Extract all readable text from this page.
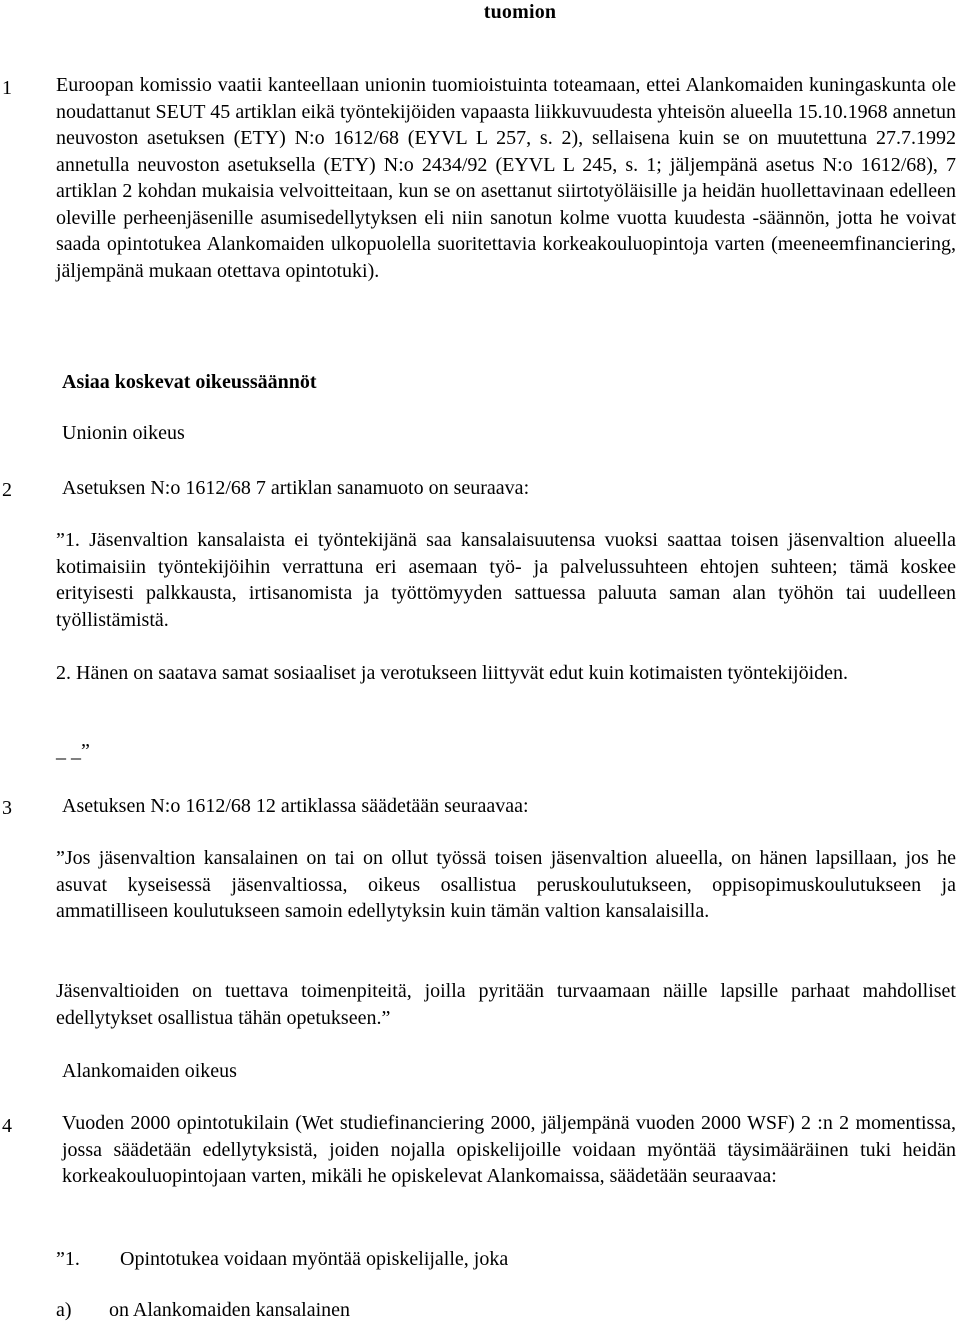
tuomion
1 Euroopan komissio vaatii kanteellaan unionin tuomioistuinta toteamaan, ettei Alankomaiden kuningaskunta ole noudattanut SEUT 45 artiklan eikä työntekijöiden vapaasta liikkuvuudesta yhteisön alueella 15.10.1968 annetun neuvoston asetuksen (ETY) N:o 1612/68 (EYVL L 257, s. 2), sellaisena kuin se on muutettuna 27.7.1992 annetulla neuvoston asetuksella (ETY) N:o 2434/92 (EYVL L 245, s. 1; jäljempänä asetus N:o 1612/68), 7 artiklan 2 kohdan mukaisia velvoitteitaan, kun se on asettanut siirtotyöläisille ja heidän huollettavinaan edelleen oleville perheenjäsenille asumisedellytyksen eli niin sanotun kolme vuotta kuudesta -säännön, jotta he voivat saada opintotukea Alankomaiden ulkopuolella suoritettavia korkeakouluopintoja varten (meeneemfinanciering, jäljempänä mukaan otettava opintotuki).

Asiaa koskevat oikeussäännöt
Unionin oikeus
2	Asetuksen N:o 1612/68 7 artiklan sanamuoto on seuraava:

”1. Jäsenvaltion kansalaista ei työntekijänä saa kansalaisuutensa vuoksi saattaa toisen jäsenvaltion alueella kotimaisiin työntekijöihin verrattuna eri asemaan työ- ja palvelussuhteen ehtojen suhteen; tämä koskee erityisesti palkkausta, irtisanomista ja työttömyyden sattuessa paluuta saman alan työhön tai uudelleen työllistämistä.

2. Hänen on saatava samat sosiaaliset ja verotukseen liittyvät edut kuin kotimaisten työntekijöiden.

_ _”
3	Asetuksen N:o 1612/68 12 artiklassa säädetään seuraavaa:

”Jos jäsenvaltion kansalainen on tai on ollut työssä toisen jäsenvaltion alueella, on hänen lapsillaan, jos he asuvat kyseisessä jäsenvaltiossa, oikeus osallistua peruskoulutukseen, oppisopimuskoulutukseen ja ammatilliseen koulutukseen samoin edellytyksin kuin tämän valtion kansalaisilla.

Jäsenvaltioiden on tuettava toimenpiteitä, joilla pyritään turvaamaan näille lapsille parhaat mahdolliset edellytykset osallistua tähän opetukseen.”

Alankomaiden oikeus
4	Vuoden 2000 opintotukilain (Wet studiefinanciering 2000, jäljempänä vuoden 2000 WSF) 2 :n 2 momentissa, jossa säädetään edellytyksistä, joiden nojalla opiskelijoille voidaan myöntää täysimääräinen tuki heidän korkeakouluopintojaan varten, mikäli he opiskelevat Alankomaissa, säädetään seuraavaa:

”1. Opintotukea voidaan myöntää opiskelijalle, joka
a) on Alankomaiden kansalainen
